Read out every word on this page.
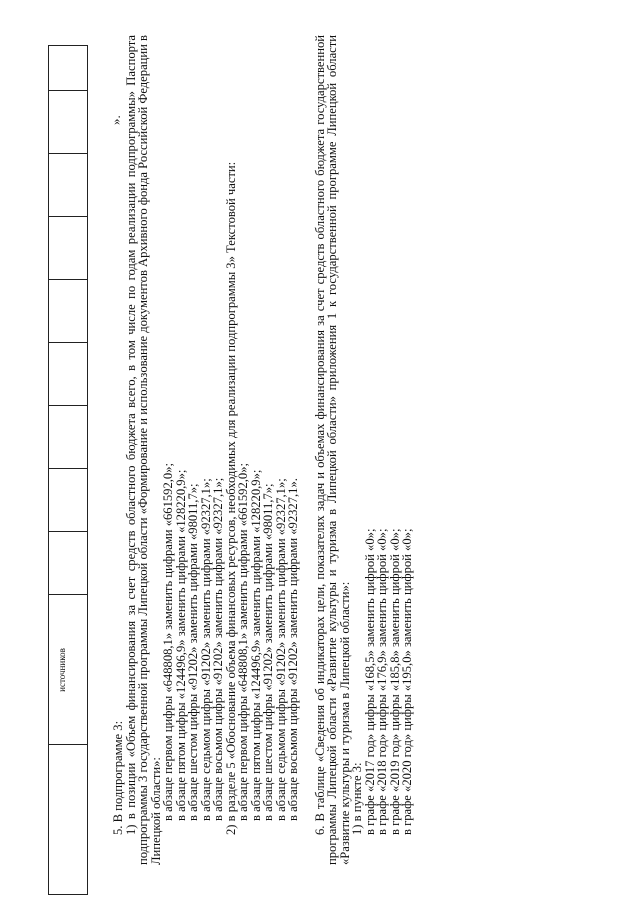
источников
».

5. В подпрограмме 3:

1) в позиции «Объем финансирования за счет средств областного бюджета всего, в том числе по годам реализации подпрограммы» Паспорта подпрограммы 3 государственной программы Липецкой области «Формирование и использование документов Архивного фонда Российской Федерации в Липецкой области»:

в абзаце первом цифры «648808,1» заменить цифрами «661592,0»;

в абзаце пятом цифры «124496,9» заменить цифрами «128220,9»;

в абзаце шестом цифры «91202» заменить цифрами «98011,7»;

в абзаце седьмом цифры «91202» заменить цифрами «92327,1»;

в абзаце восьмом цифры «91202» заменить цифрами «92327,1»;

2) в разделе 5 «Обоснование объема финансовых ресурсов, необходимых для реализации подпрограммы 3» Текстовой части:

в абзаце первом цифры «648808,1» заменить цифрами «661592,0»;

в абзаце пятом цифры «124496,9» заменить цифрами «128220,9»;

в абзаце шестом цифры «91202» заменить цифрами «98011,7»;

в абзаце седьмом цифры «91202» заменить цифрами «92327,1»;

в абзаце восьмом цифры «91202» заменить цифрами «92327,1». 6. В таблице «Сведения об индикаторах цели, показателях задач и объемах финансирования за счет средств областного бюджета государственной программы Липецкой области «Развитие культуры и туризма в Липецкой области» приложения 1 к государственной программе Липецкой области «Развитие культуры и туризма в Липецкой области»:

1) в пункте 3:

в графе «2017 год» цифры «168,5» заменить цифрой «0»;

в графе «2018 год» цифры «176,9» заменить цифрой «0»;

в графе «2019 год» цифры «185,8» заменить цифрой «0»;

в графе «2020 год» цифры «195,0» заменить цифрой «0»;
